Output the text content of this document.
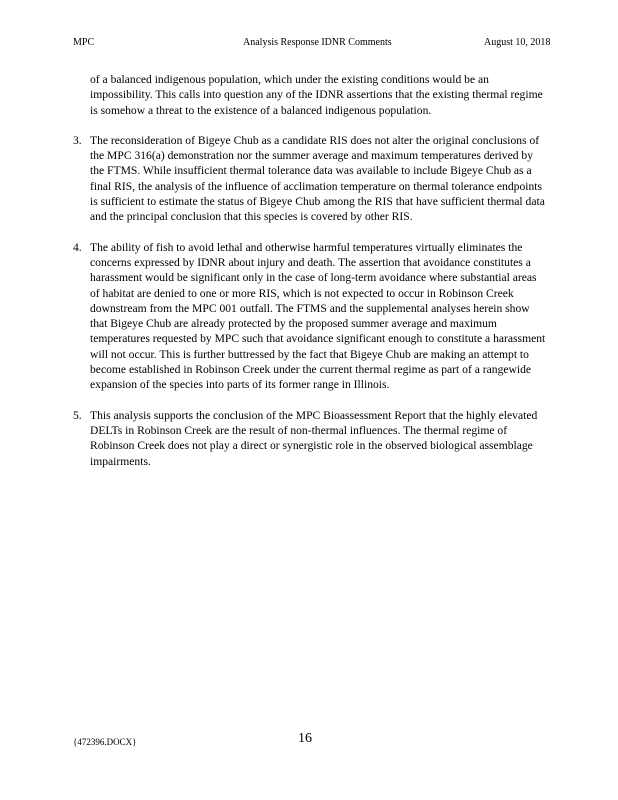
MPC	Analysis Response IDNR Comments	August 10, 2018

of a balanced indigenous population, which under the existing conditions would be an impossibility. This calls into question any of the IDNR assertions that the existing thermal regime is somehow a threat to the existence of a balanced indigenous population.

3. The reconsideration of Bigeye Chub as a candidate RIS does not alter the original conclusions of the MPC 316(a) demonstration nor the summer average and maximum temperatures derived by the FTMS. While insufficient thermal tolerance data was available to include Bigeye Chub as a final RIS, the analysis of the influence of acclimation temperature on thermal tolerance endpoints is sufficient to estimate the status of Bigeye Chub among the RIS that have sufficient thermal data and the principal conclusion that this species is covered by other RIS.
4. The ability of fish to avoid lethal and otherwise harmful temperatures virtually eliminates the concerns expressed by IDNR about injury and death. The assertion that avoidance constitutes a harassment would be significant only in the case of long-term avoidance where substantial areas of habitat are denied to one or more RIS, which is not expected to occur in Robinson Creek downstream from the MPC 001 outfall. The FTMS and the supplemental analyses herein show that Bigeye Chub are already protected by the proposed summer average and maximum temperatures requested by MPC such that avoidance significant enough to constitute a harassment will not occur. This is further buttressed by the fact that Bigeye Chub are making an attempt to become established in Robinson Creek under the current thermal regime as part of a rangewide expansion of the species into parts of its former range in Illinois.
5. This analysis supports the conclusion of the MPC Bioassessment Report that the highly elevated DELTs in Robinson Creek are the result of non-thermal influences. The thermal regime of Robinson Creek does not play a direct or synergistic role in the observed biological assemblage impairments.
{472396.DOCX}	16
